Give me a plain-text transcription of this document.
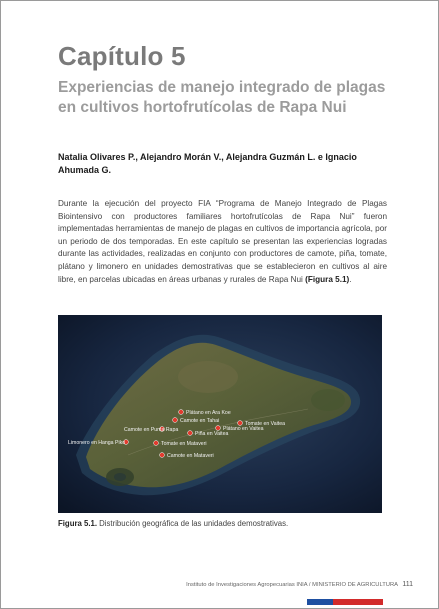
Capítulo 5
Experiencias de manejo integrado de plagas en cultivos hortofrutícolas de Rapa Nui

Natalia Olivares P., Alejandro Morán V., Alejandra Guzmán L. e Ignacio Ahumada G.

Durante la ejecución del proyecto FIA “Programa de Manejo Integrado de Plagas Biointensivo con productores familiares hortofrutícolas de Rapa Nui” fueron implementadas herramientas de manejo de plagas en cultivos de importancia agrícola, por un periodo de dos temporadas. En este capítulo se presentan las experiencias logradas durante las actividades, realizadas en conjunto con productores de camote, piña, tomate, plátano y limonero en unidades demostrativas que se establecieron en cultivos al aire libre, en parcelas ubicadas en áreas urbanas y rurales de Rapa Nui (Figura 5.1).

Plátano en Ara Koe
Camote en Tahai	Tomate en Vaitea
Camote en Punta Rapa
Piña en Vaitea
Plátano en Vaitea
Tomate en Mataveri
Limonero en Hanga Piko
Camote en Mataveri

Figura 5.1. Distribución geográfica de las unidades demostrativas.

Instituto de Investigaciones Agropecuarias INIA / MINISTERIO DE AGRICULTURA 111
